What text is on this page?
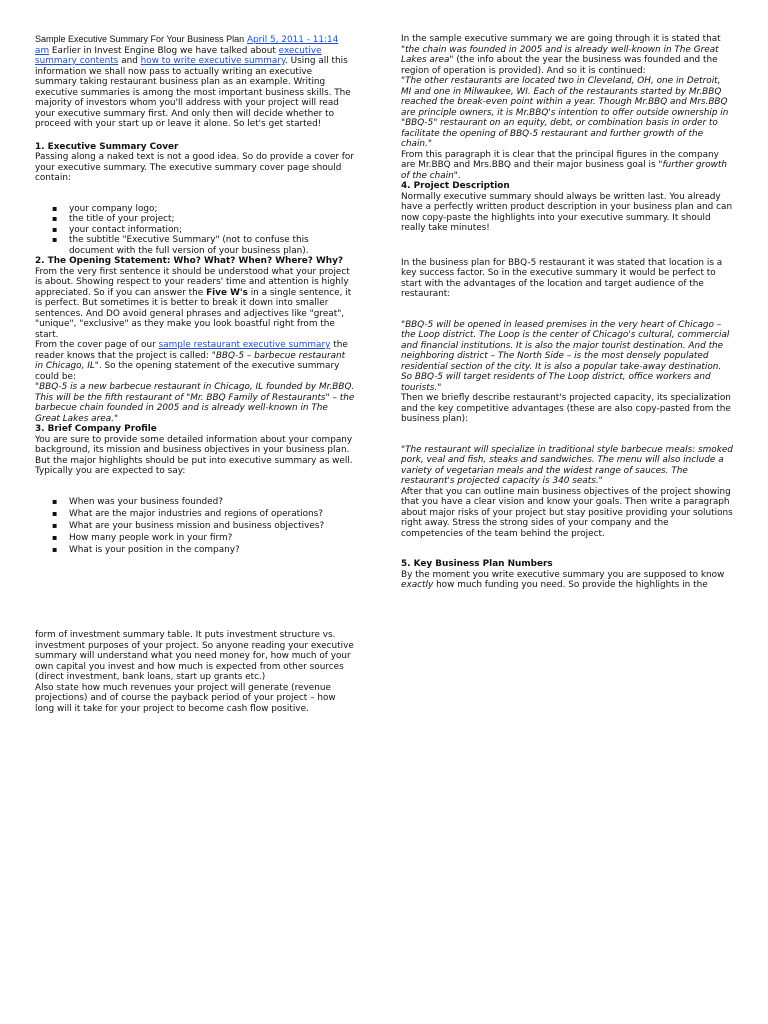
Sample Executive Summary For Your Business Plan April 5, 2011 - 11:14 am Earlier in Invest Engine Blog we have talked about executive summary contents and how to write executive summary. Using all this information we shall now pass to actually writing an executive summary taking restaurant business plan as an example. Writing executive summaries is among the most important business skills. The majority of investors whom you'll address with your project will read your executive summary first. And only then will decide whether to proceed with your start up or leave it alone. So let's get started!

1. Executive Summary Cover

Passing along a naked text is not a good idea. So do provide a cover for your executive summary. The executive summary cover page should contain:

▪ your company logo;
▪ the title of your project;
▪ your contact information;
▪ the subtitle "Executive Summary" (not to confuse this document with the full version of your business plan).

2. The Opening Statement: Who? What? When? Where? Why?

From the very first sentence it should be understood what your project is about. Showing respect to your readers' time and attention is highly appreciated. So if you can answer the Five W's in a single sentence, it is perfect. But sometimes it is better to break it down into smaller sentences. And DO avoid general phrases and adjectives like "great", "unique", "exclusive" as they make you look boastful right from the start.

From the cover page of our sample restaurant executive summary the reader knows that the project is called: "BBQ-5 – barbecue restaurant in Chicago, IL". So the opening statement of the executive summary could be:

"BBQ-5 is a new barbecue restaurant in Chicago, IL founded by Mr.BBQ. This will be the fifth restaurant of "Mr. BBQ Family of Restaurants" – the barbecue chain founded in 2005 and is already well-known in The Great Lakes area."

3. Brief Company Profile

You are sure to provide some detailed information about your company background, its mission and business objectives in your business plan. But the major highlights should be put into executive summary as well. Typically you are expected to say:

▪ When was your business founded?
▪ What are the major industries and regions of operations?
▪ What are your business mission and business objectives?
▪ How many people work in your firm?
▪ What is your position in the company?

form of investment summary table. It puts investment structure vs. investment purposes of your project. So anyone reading your executive summary will understand what you need money for, how much of your own capital you invest and how much is expected from other sources (direct investment, bank loans, start up grants etc.)

Also state how much revenues your project will generate (revenue projections) and of course the payback period of your project – how long will it take for your project to become cash flow positive.

In the sample executive summary we are going through it is stated that "the chain was founded in 2005 and is already well-known in The Great Lakes area" (the info about the year the business was founded and the region of operation is provided). And so it is continued:

"The other restaurants are located two in Cleveland, OH, one in Detroit, MI and one in Milwaukee, WI. Each of the restaurants started by Mr.BBQ reached the break-even point within a year. Though Mr.BBQ and Mrs.BBQ are principle owners, it is Mr.BBQ's intention to offer outside ownership in "BBQ-5" restaurant on an equity, debt, or combination basis in order to facilitate the opening of BBQ-5 restaurant and further growth of the chain."

From this paragraph it is clear that the principal figures in the company are Mr.BBQ and Mrs.BBQ and their major business goal is "further growth of the chain".

4. Project Description

Normally executive summary should always be written last. You already have a perfectly written product description in your business plan and can now copy-paste the highlights into your executive summary. It should really take minutes!

In the business plan for BBQ-5 restaurant it was stated that location is a key success factor. So in the executive summary it would be perfect to start with the advantages of the location and target audience of the restaurant:

"BBQ-5 will be opened in leased premises in the very heart of Chicago – the Loop district. The Loop is the center of Chicago's cultural, commercial and financial institutions. It is also the major tourist destination. And the neighboring district – The North Side – is the most densely populated residential section of the city. It is also a popular take-away destination. So BBQ-5 will target residents of The Loop district, office workers and tourists."

Then we briefly describe restaurant's projected capacity, its specialization and the key competitive advantages (these are also copy-pasted from the business plan):

"The restaurant will specialize in traditional style barbecue meals: smoked pork, veal and fish, steaks and sandwiches. The menu will also include a variety of vegetarian meals and the widest range of sauces. The restaurant's projected capacity is 340 seats."

After that you can outline main business objectives of the project showing that you have a clear vision and know your goals. Then write a paragraph about major risks of your project but stay positive providing your solutions right away. Stress the strong sides of your company and the competencies of the team behind the project.

5. Key Business Plan Numbers

By the moment you write executive summary you are supposed to know exactly how much funding you need. So provide the highlights in the
